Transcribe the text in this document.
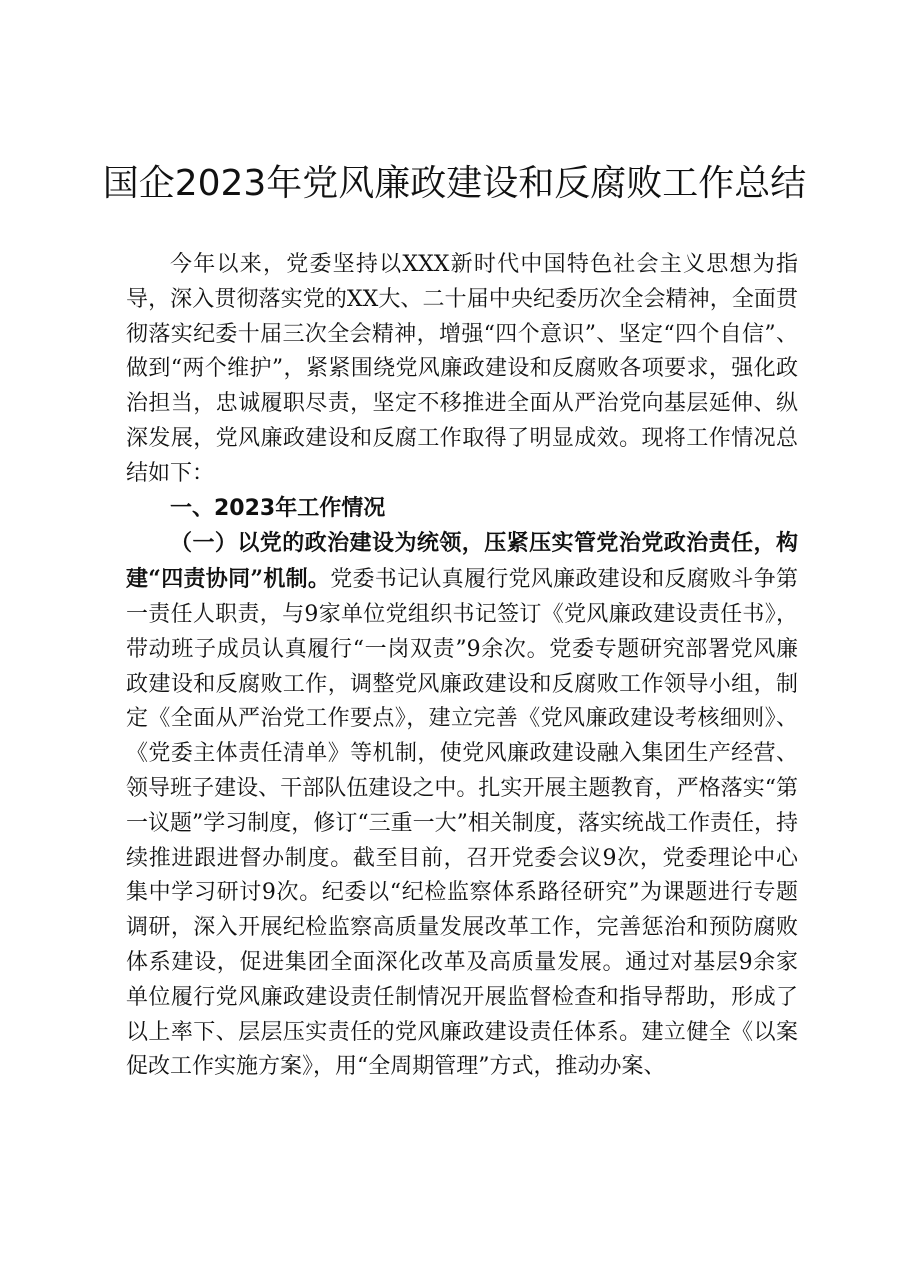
国企2023年党风廉政建设和反腐败工作总结

今年以来，党委坚持以XXX新时代中国特色社会主义思想为指导，深入贯彻落实党的XX大、二十届中央纪委历次全会精神，全面贯彻落实纪委十届三次全会精神，增强“四个意识”、坚定“四个自信”、做到“两个维护”，紧紧围绕党风廉政建设和反腐败各项要求，强化政治担当，忠诚履职尽责，坚定不移推进全面从严治党向基层延伸、纵深发展，党风廉政建设和反腐工作取得了明显成效。现将工作情况总结如下：

一、2023年工作情况

（一）以党的政治建设为统领，压紧压实管党治党政治责任，构建“四责协同”机制。党委书记认真履行党风廉政建设和反腐败斗争第一责任人职责，与9家单位党组织书记签订《党风廉政建设责任书》，带动班子成员认真履行“一岗双责”9余次。党委专题研究部署党风廉政建设和反腐败工作，调整党风廉政建设和反腐败工作领导小组，制定《全面从严治党工作要点》，建立完善《党风廉政建设考核细则》、《党委主体责任清单》等机制，使党风廉政建设融入集团生产经营、领导班子建设、干部队伍建设之中。扎实开展主题教育，严格落实“第一议题”学习制度，修订“三重一大”相关制度，落实统战工作责任，持续推进跟进督办制度。截至目前，召开党委会议9次，党委理论中心集中学习研讨9次。纪委以“纪检监察体系路径研究”为课题进行专题调研，深入开展纪检监察高质量发展改革工作，完善惩治和预防腐败体系建设，促进集团全面深化改革及高质量发展。通过对基层9余家单位履行党风廉政建设责任制情况开展监督检查和指导帮助，形成了以上率下、层层压实责任的党风廉政建设责任体系。建立健全《以案促改工作实施方案》，用“全周期管理”方式，推动办案、
